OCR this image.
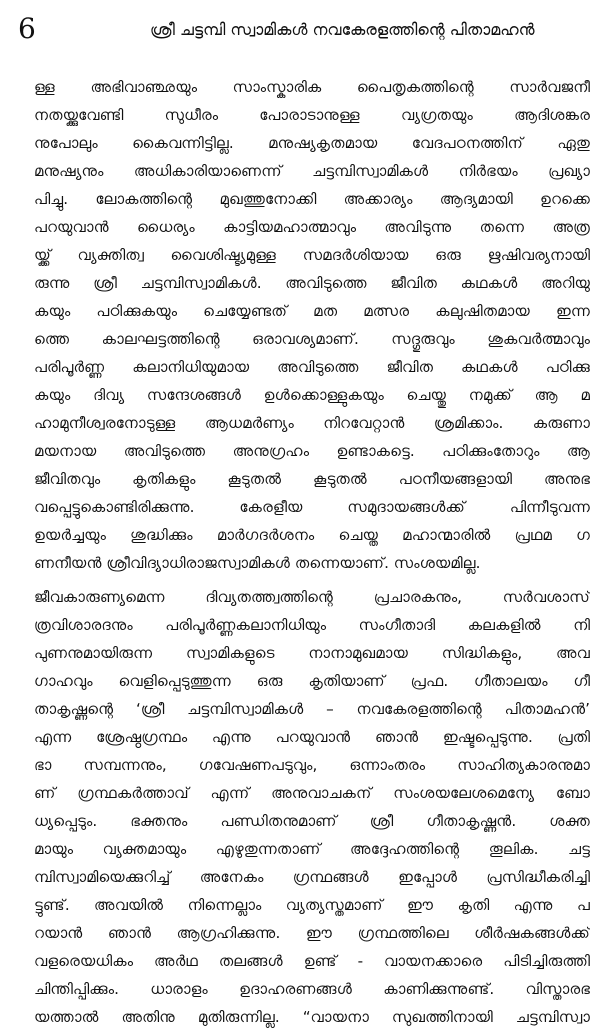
6	ശ്രീ ചട്ടമ്പി സ്വാമികൾ നവകേരളത്തിന്റെ പിതാമഹൻ
ള്ള അഭിവാഞ്ഛയും സാംസ്കാരിക പൈതൃകത്തിന്റെ സാർവജനീ
നതയ്ക്കുവേണ്ടി സുധീരം പോരാടാനുള്ള വ്യഗ്രതയും ആദിശങ്കര
നുപോലും കൈവന്നിട്ടില്ല. മനുഷ്യകൃതമായ വേദപഠനത്തിന് ഏതു
മനുഷ്യനും അധികാരിയാണെന്ന് ചട്ടമ്പിസ്വാമികൾ നിർഭയം പ്രഖ്യാ
പിച്ചു. ലോകത്തിന്റെ മുഖത്തുനോക്കി അക്കാര്യം ആദ്യമായി ഉറക്കെ
പറയുവാൻ ധൈര്യം കാട്ടിയമഹാത്മാവും അവിടുന്നു തന്നെ അത്ര
യ്ക്ക് വ്യക്തിത്വ വൈശിഷ്ട്യമുള്ള സമദർശിയായ ഒരു ഋഷിവര്യനായി
രുന്നു ശ്രീ ചട്ടമ്പിസ്വാമികൾ. അവിടുത്തെ ജീവിത കഥകൾ അറിയു
കയും പഠിക്കുകയും ചെയ്യേണ്ടത് മത മത്സര കലുഷിതമായ ഇന്ന
ത്തെ കാലഘട്ടത്തിന്റെ ഒരാവശ്യമാണ്. സദ്ഗുരുവും ശുകവർത്മാവും
പരിപൂർണ്ണ കലാനിധിയുമായ അവിടുത്തെ ജീവിത കഥകൾ പഠിക്കു
കയും ദിവ്യ സന്ദേശങ്ങൾ ഉൾക്കൊള്ളുകയും ചെയ്തു നമുക്ക് ആ മ
ഹാമുനീശ്വരനോടുള്ള ആധമർണ്യം നിറവേറ്റാൻ ശ്രമിക്കാം. കരുണാ
മയനായ അവിടുത്തെ അനുഗ്രഹം ഉണ്ടാകട്ടെ. പഠിക്കുംതോറും ആ
ജീവിതവും കൃതികളും കൂടുതൽ കൂടുതൽ പഠനീയങ്ങളായി അനുഭ
വപ്പെട്ടുകൊണ്ടിരിക്കുന്നു. കേരളീയ സമുദായങ്ങൾക്ക് പിന്നീടുവന്ന
ഉയർച്ചയും ശുദ്ധിക്കും മാർഗദർശനം ചെയ്ത മഹാന്മാരിൽ പ്രഥമ ഗ
ണനീയൻ ശ്രീവിദ്യാധിരാജസ്വാമികൾ തന്നെയാണ്. സംശയമില്ല.
ജീവകാരുണ്യമെന്ന ദിവ്യതത്ത്വത്തിന്റെ പ്രചാരകനും, സർവശാസ്
ത്രവിശാരദനും പരിപൂർണ്ണകലാനിധിയും സംഗീതാദി കലകളിൽ നി
പുണനുമായിരുന്ന സ്വാമികളുടെ നാനാമുഖമായ സിദ്ധികളും, അവ
ഗാഹവും വെളിപ്പെടുത്തുന്ന ഒരു കൃതിയാണ് പ്രഫ. ഗീതാലയം ഗീ
താകൃഷ്ണന്റെ ‘ശ്രീ ചട്ടമ്പിസ്വാമികൾ – നവകേരളത്തിന്റെ പിതാമഹൻ’
എന്ന ശ്രേഷ്ഠഗ്രന്ഥം എന്നു പറയുവാൻ ഞാൻ ഇഷ്ടപ്പെടുന്നു. പ്രതി
ഭാ സമ്പന്നനും, ഗവേഷണപടുവും, ഒന്നാംതരം സാഹിത്യകാരനുമാ
ണ് ഗ്രന്ഥകർത്താവ് എന്ന് അനുവാചകന് സംശയലേശമെന്യേ ബോ
ധ്യപ്പെടും. ഭക്തനും പണ്ഡിതനുമാണ് ശ്രീ ഗീതാകൃഷ്ണൻ. ശക്ത
മായും വ്യക്തമായും എഴുതുന്നതാണ് അദ്ദേഹത്തിന്റെ തൂലിക. ചട്ട
മ്പിസ്വാമിയെക്കുറിച്ച് അനേകം ഗ്രന്ഥങ്ങൾ ഇപ്പോൾ പ്രസിദ്ധീകരിച്ചി
ട്ടുണ്ട്. അവയിൽ നിന്നെല്ലാം വ്യത്യസ്തമാണ് ഈ കൃതി എന്നു പ
റയാൻ ഞാൻ ആഗ്രഹിക്കുന്നു. ഈ ഗ്രന്ഥത്തിലെ ശീർഷകങ്ങൾക്ക്
വളരെയധികം അർഥ തലങ്ങൾ ഉണ്ട് - വായനക്കാരെ പിടിച്ചിരുത്തി
ചിന്തിപ്പിക്കും. ധാരാളം ഉദാഹരണങ്ങൾ കാണിക്കുന്നുണ്ട്. വിസ്താരഭ
യത്താൽ അതിനു മുതിരുന്നില്ല. “വായനാ സുഖത്തിനായി ചട്ടമ്പിസ്വാ
